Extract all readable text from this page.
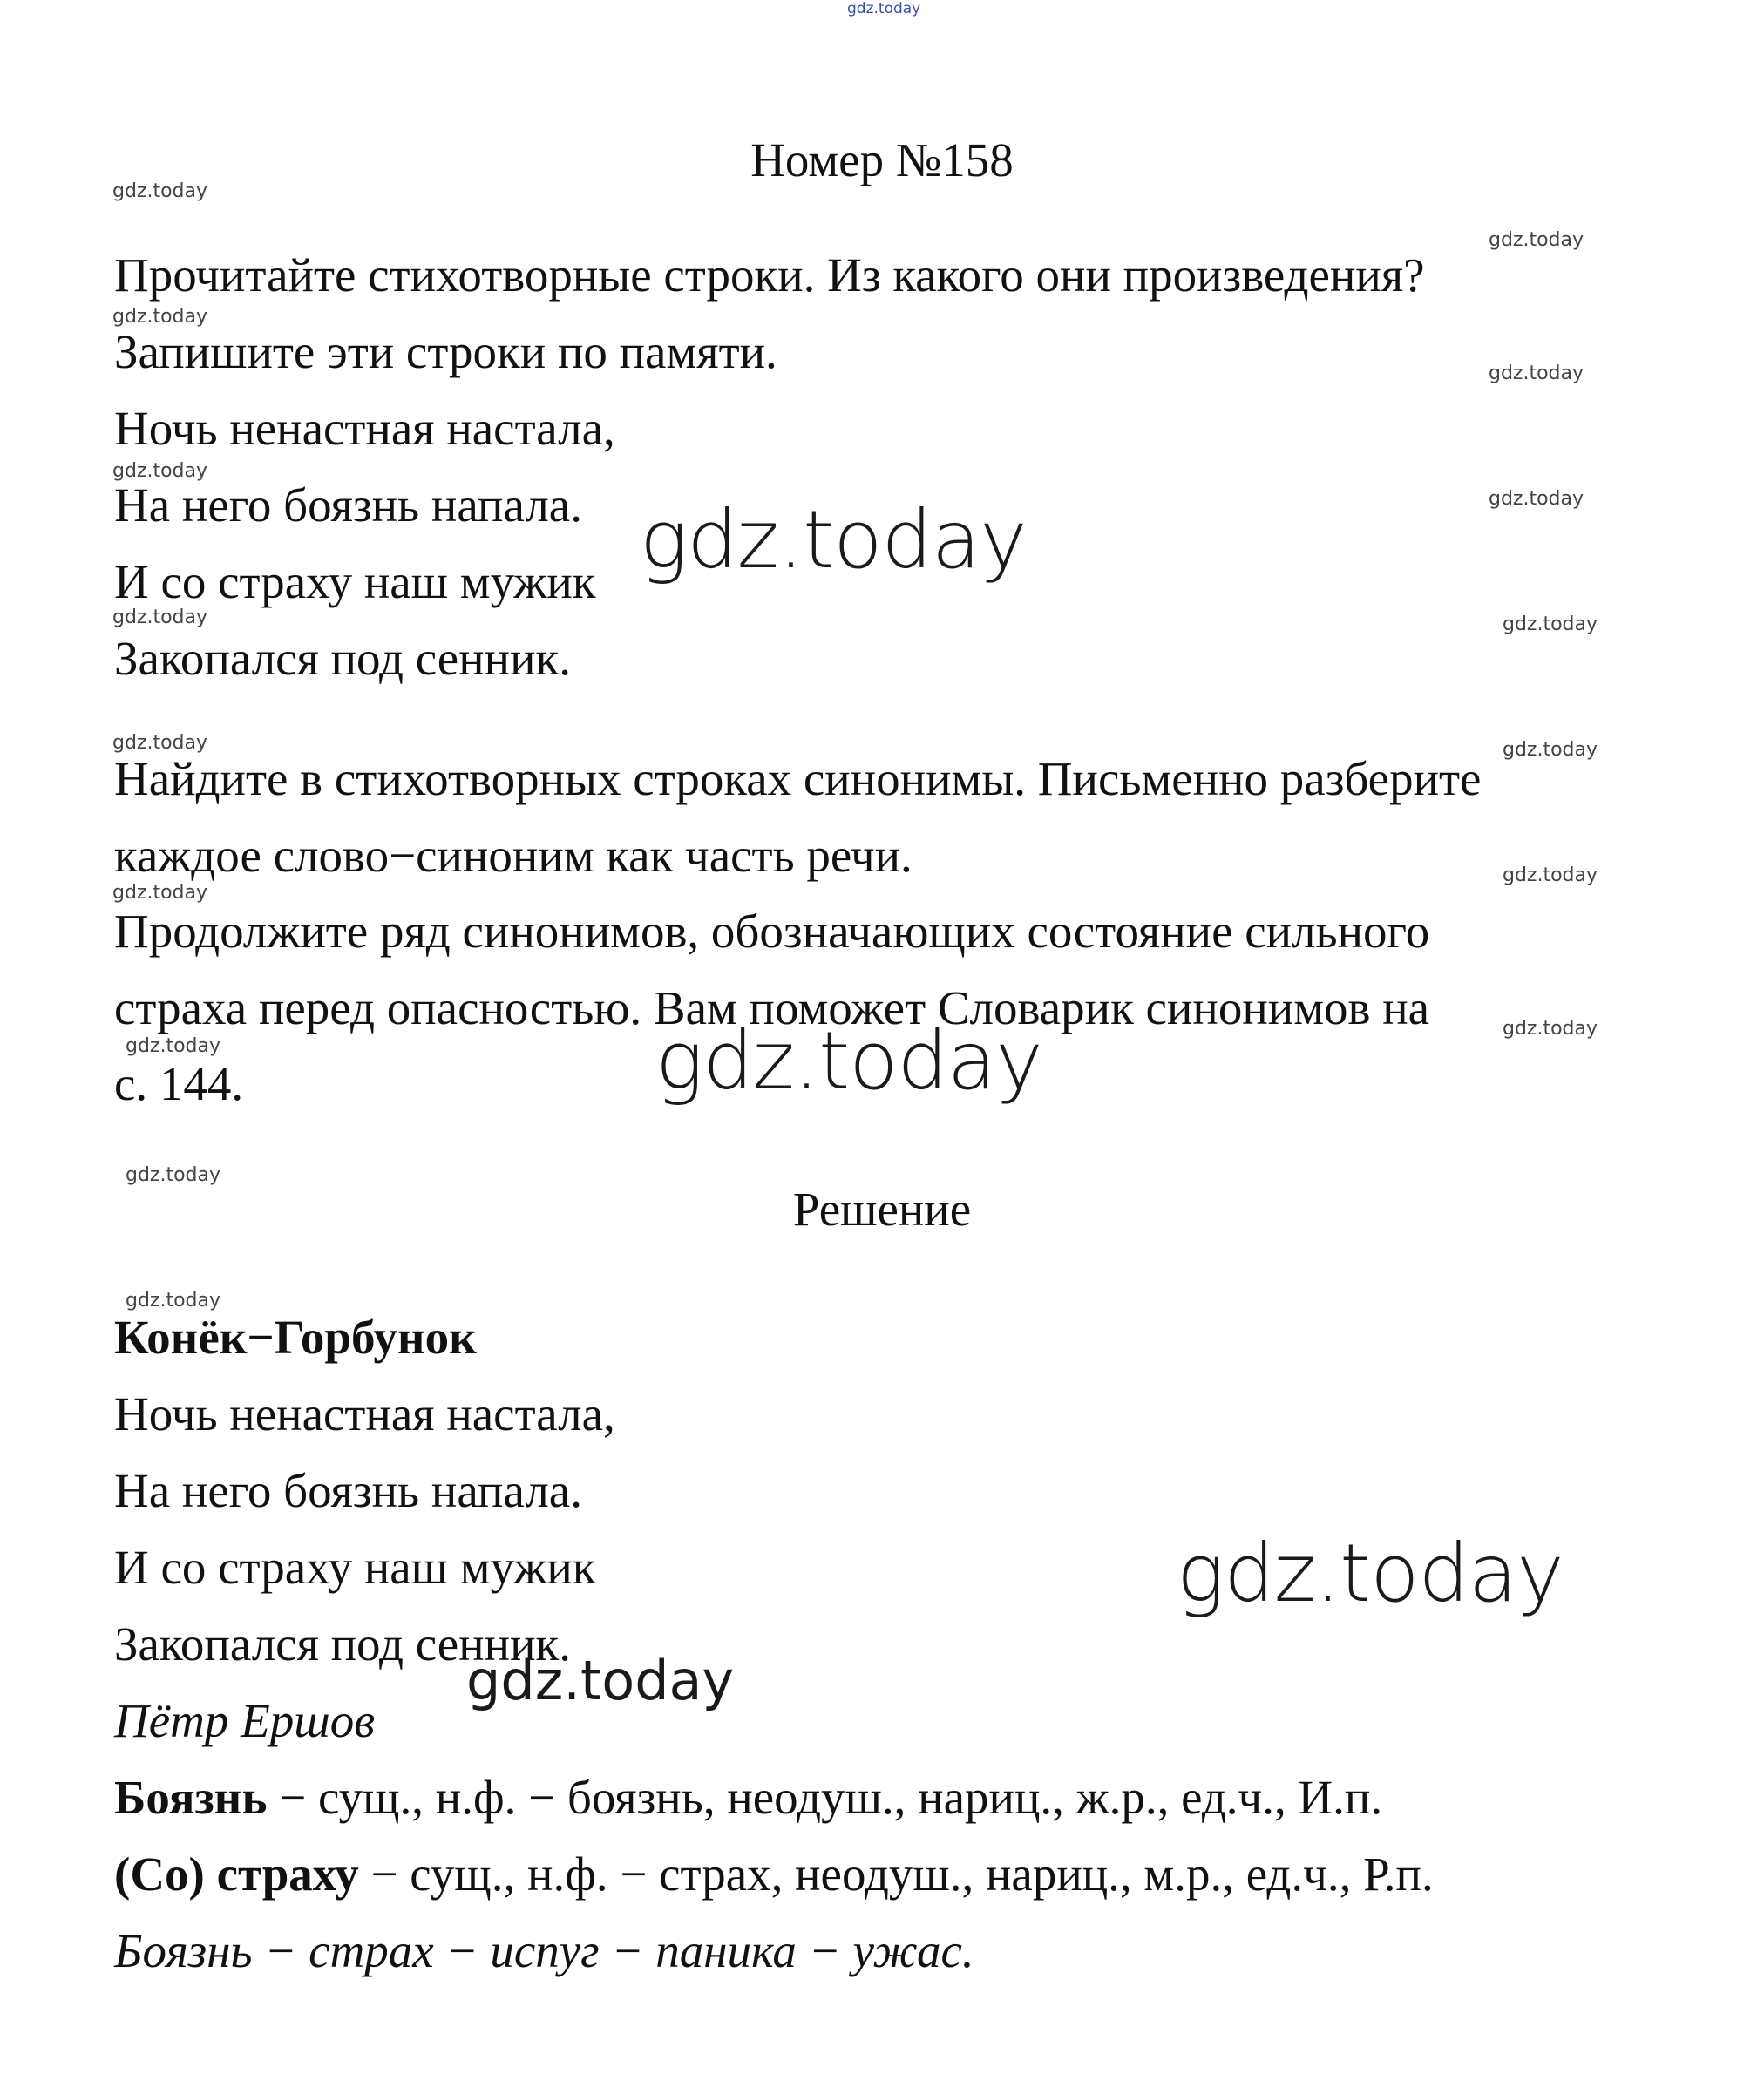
gdz.today
Номер №158
Прочитайте стихотворные строки. Из какого они произведения?
Запишите эти строки по памяти.
Ночь ненастная настала,
На него боязнь напала.
И со страху наш мужик
Закопался под сенник.
Найдите в стихотворных строках синонимы. Письменно разберите
каждое слово−синоним как часть речи.
Продолжите ряд синонимов, обозначающих состояние сильного
страха перед опасностью. Вам поможет Словарик синонимов на
с. 144.
Решение
Конёк−Горбунок
Ночь ненастная настала,
На него боязнь напала.
И со страху наш мужик
Закопался под сенник.
Пётр Ершов
Боязнь − сущ., н.ф. − боязнь, неодуш., нариц., ж.р., ед.ч., И.п.
(Со) страху − сущ., н.ф. − страх, неодуш., нариц., м.р., ед.ч., Р.п.
Боязнь − страх − испуг − паника − ужас.
gdz.today
gdz.today
gdz.today
gdz.today
gdz.today
gdz.today
gdz.today	gdz.today
gdz.today	gdz.today
gdz.today
gdz.today
gdz.today
gdz.today
gdz.today
gdz.today
gdz.today
gdz.today
gdz.today
gdz.today
